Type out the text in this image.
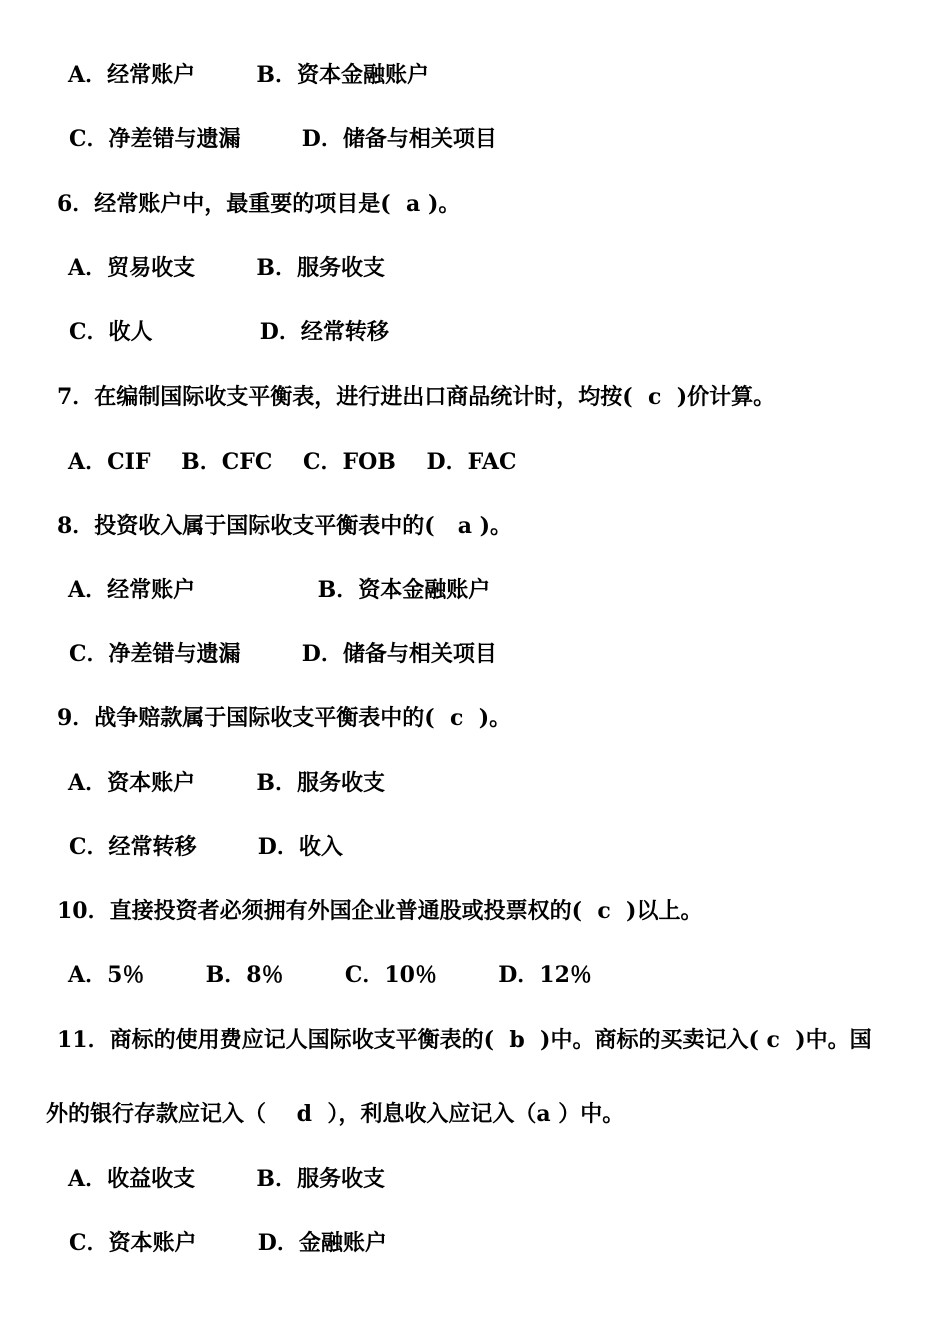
A．经常账户        B．资本金融账户
C．净差错与遗漏        D．储备与相关项目
6．经常账户中，最重要的项目是(  a )。
A．贸易收支        B．服务收支
C．收人              D．经常转移
7．在编制国际收支平衡表，进行进出口商品统计时，均按(  c  )价计算。
A．CIF    B．CFC    C．FOB    D．FAC
8．投资收入属于国际收支平衡表中的(   a )。
A．经常账户                B．资本金融账户
C．净差错与遗漏        D．储备与相关项目
9．战争赔款属于国际收支平衡表中的(  c  )。
A．资本账户        B．服务收支
C．经常转移        D．收入
10．直接投资者必须拥有外国企业普通股或投票权的(  c  )以上。
A．5％        B．8％        C．10％        D．12％
11．商标的使用费应记人国际收支平衡表的(  b  )中。商标的买卖记入( c  )中。国
外的银行存款应记入（    d  ），利息收入应记入（a ）中。
A．收益收支        B．服务收支
C．资本账户        D．金融账户
